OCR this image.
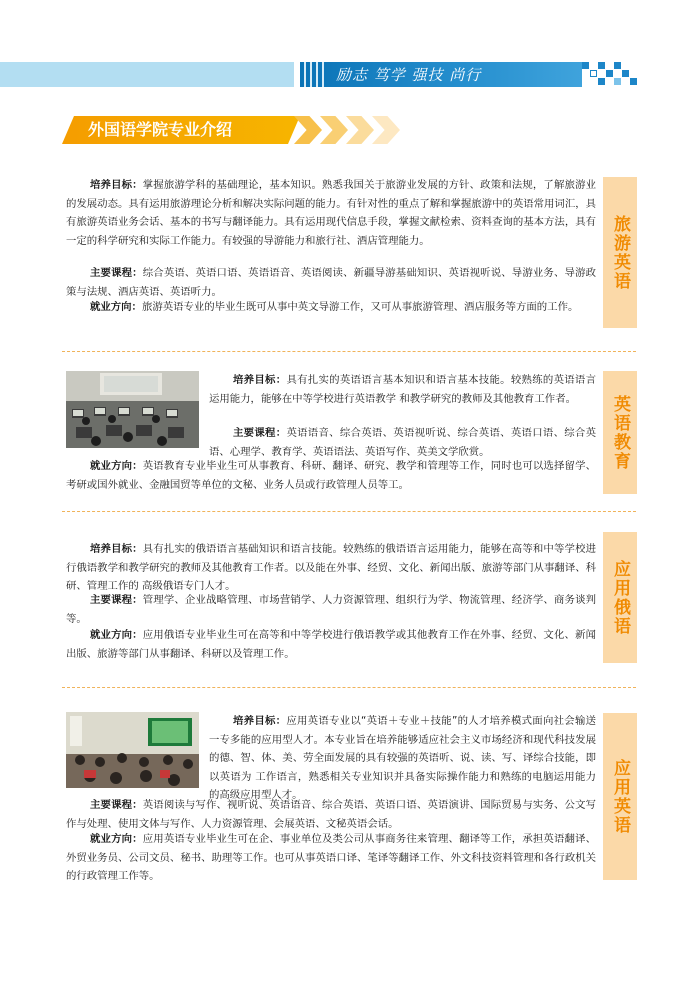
励志 笃学 强技 尚行
外国语学院专业介绍

培养目标：掌握旅游学科的基础理论，基本知识。熟悉我国关于旅游业发展的方针、政策和法规，了解旅游业的发展动态。具有运用旅游理论分析和解决实际问题的能力。有针对性的重点了解和掌握旅游中的英语常用词汇，具有旅游英语业务会话、基本的书写与翻译能力。具有运用现代信息手段，掌握文献检索、资料查询的基本方法，具有一定的科学研究和实际工作能力。有较强的导游能力和旅行社、酒店管理能力。

主要课程：综合英语、英语口语、英语语音、英语阅读、新疆导游基础知识、英语视听说、导游业务、导游政策与法规、酒店英语、英语听力。

就业方向：旅游英语专业的毕业生既可从事中英文导游工作，又可从事旅游管理、酒店服务等方面的工作。

旅游英语

培养目标：具有扎实的英语语言基本知识和语言基本技能。较熟练的英语语言运用能力，能够在中等学校进行英语教学 和教学研究的教师及其他教育工作者。

主要课程：英语语音、综合英语、英语视听说、综合英语、英语口语、综合英语、心理学、教育学、英语语法、英语写作、英美文学欣赏。

就业方向：英语教育专业毕业生可从事教育、科研、翻译、研究、教学和管理等工作，同时也可以选择留学、考研或国外就业、金融国贸等单位的文秘、业务人员或行政管理人员等工。

英语教育

培养目标：具有扎实的俄语语言基础知识和语言技能。较熟练的俄语语言运用能力，能够在高等和中等学校进行俄语教学和教学研究的教师及其他教育工作者。以及能在外事、经贸、文化、新闻出版、旅游等部门从事翻译、科研、管理工作的 高级俄语专门人才。

主要课程：管理学、企业战略管理、市场营销学、人力资源管理、组织行为学、物流管理、经济学、商务谈判等。

就业方向：应用俄语专业毕业生可在高等和中等学校进行俄语教学或其他教育工作在外事、经贸、文化、新闻出版、旅游等部门从事翻译、科研以及管理工作。

应用俄语

培养目标：应用英语专业以“英语＋专业＋技能”的人才培养模式面向社会输送一专多能的应用型人才。本专业旨在培养能够适应社会主义市场经济和现代科技发展的德、智、体、美、劳全面发展的具有较强的英语听、说、读、写、译综合技能，即以英语为 工作语言，熟悉相关专业知识并具备实际操作能力和熟练的电脑运用能力的高级应用型人才。

主要课程：英语阅读与写作、视听说、英语语音、综合英语、英语口语、英语演讲、国际贸易与实务、公文写作与处理、使用文体与写作、人力资源管理、会展英语、文秘英语会话。

就业方向：应用英语专业毕业生可在企、事业单位及类公司从事商务往来管理、翻译等工作，承担英语翻译、外贸业务员、公司文员、秘书、助理等工作。也可从事英语口译、笔译等翻译工作、外文科技资料管理和各行政机关的行政管理工作等。

应用英语
